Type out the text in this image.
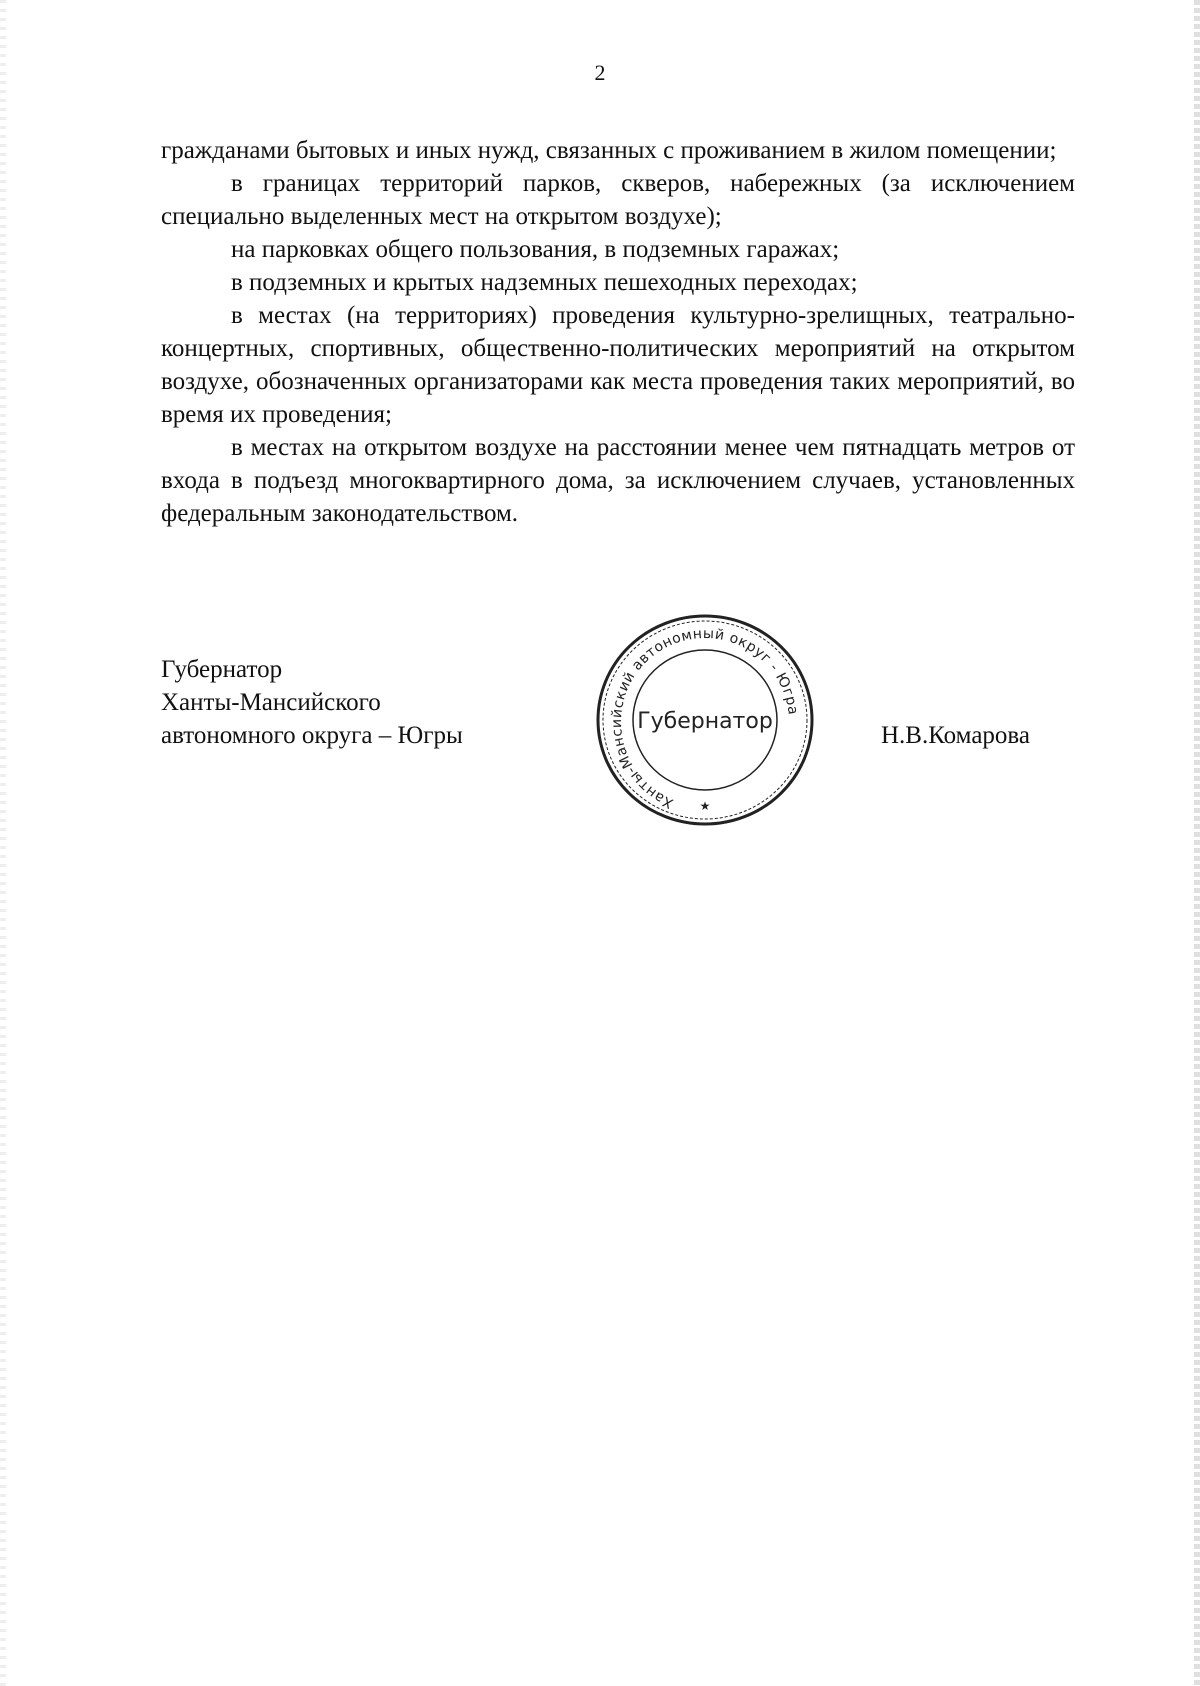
2

гражданами бытовых и иных нужд, связанных с проживанием в жилом помещении;

в границах территорий парков, скверов, набережных (за исключением специально выделенных мест на открытом воздухе);

на парковках общего пользования, в подземных гаражах;

в подземных и крытых надземных пешеходных переходах;

в местах (на территориях) проведения культурно-зрелищных, театрально-концертных, спортивных, общественно-политических мероприятий на открытом воздухе, обозначенных организаторами как места проведения таких мероприятий, во время их проведения;

в местах на открытом воздухе на расстоянии менее чем пятнадцать метров от входа в подъезд многоквартирного дома, за исключением случаев, установленных федеральным законодательством.

Губернатор
Ханты-Мансийского
автономного округа – Югры
Ханты-Мансийский автономный округ - Югра
Губернатор
★
Н.В.Комарова
